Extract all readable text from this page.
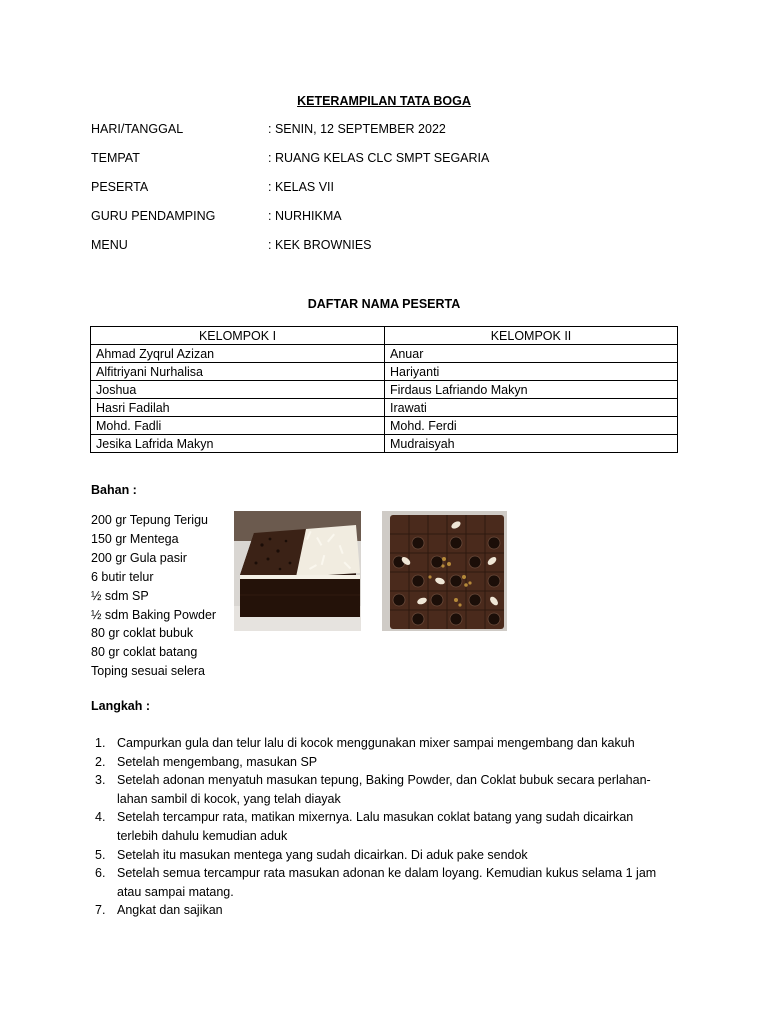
KETERAMPILAN TATA BOGA
HARI/TANGGAL	: SENIN, 12 SEPTEMBER 2022
TEMPAT	: RUANG KELAS CLC SMPT SEGARIA
PESERTA	: KELAS VII
GURU PENDAMPING	: NURHIKMA
MENU	: KEK BROWNIES
DAFTAR NAMA PESERTA
KELOMPOK I	KELOMPOK II
Ahmad Zyqrul Azizan	Anuar
Alfitriyani Nurhalisa	Hariyanti
Joshua	Firdaus Lafriando Makyn
Hasri Fadilah	Irawati
Mohd. Fadli	Mohd. Ferdi
Jesika Lafrida Makyn	Mudraisyah
Bahan :
200 gr Tepung Terigu
150 gr Mentega
200 gr Gula pasir
6 butir telur
½ sdm SP
½ sdm Baking Powder
80 gr coklat bubuk
80 gr coklat batang
Toping sesuai selera
Langkah :
1. Campurkan gula dan telur lalu di kocok menggunakan mixer sampai mengembang dan kakuh
2. Setelah mengembang, masukan SP
3. Setelah adonan menyatuh masukan tepung, Baking Powder, dan Coklat bubuk secara perlahan-
lahan sambil di kocok, yang telah diayak
4. Setelah tercampur rata, matikan mixernya. Lalu masukan coklat batang yang sudah dicairkan
terlebih dahulu kemudian aduk
5. Setelah itu masukan mentega yang sudah dicairkan. Di aduk pake sendok
6. Setelah semua tercampur rata masukan adonan ke dalam loyang. Kemudian kukus selama 1 jam
atau sampai matang.
7. Angkat dan sajikan
